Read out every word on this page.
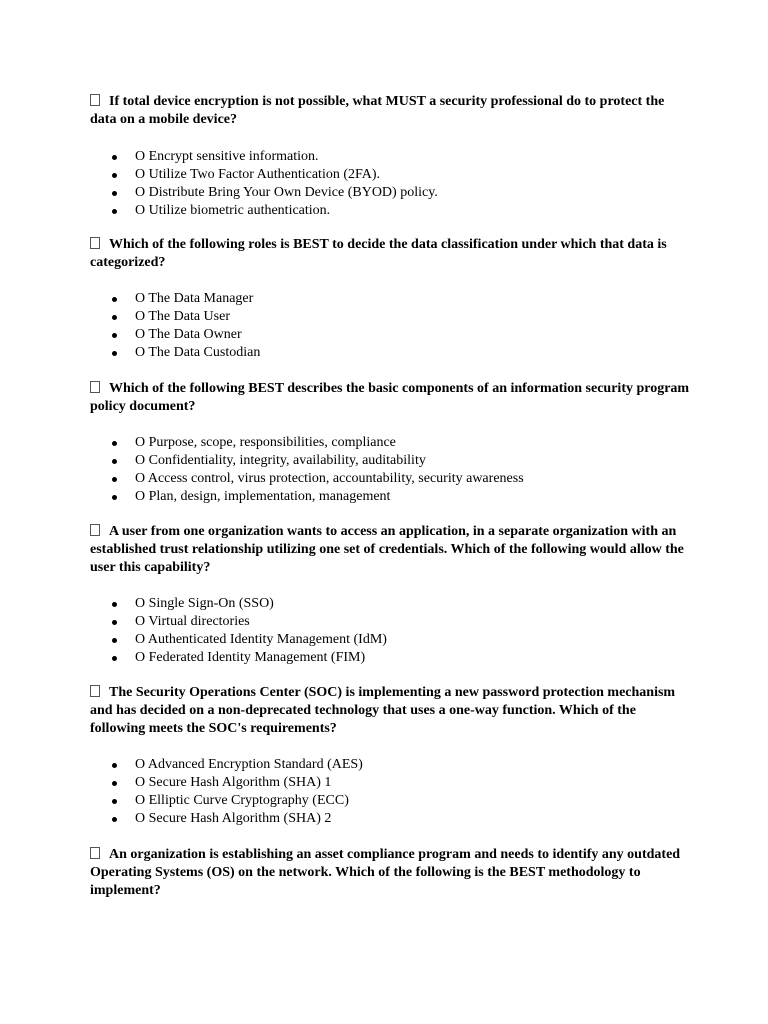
If total device encryption is not possible, what MUST a security professional do to protect the data on a mobile device?

O Encrypt sensitive information.
O Utilize Two Factor Authentication (2FA).
O Distribute Bring Your Own Device (BYOD) policy.
O Utilize biometric authentication.

Which of the following roles is BEST to decide the data classification under which that data is categorized?

O The Data Manager
O The Data User
O The Data Owner
O The Data Custodian

Which of the following BEST describes the basic components of an information security program policy document?

O Purpose, scope, responsibilities, compliance
O Confidentiality, integrity, availability, auditability
O Access control, virus protection, accountability, security awareness
O Plan, design, implementation, management

A user from one organization wants to access an application, in a separate organization with an established trust relationship utilizing one set of credentials. Which of the following would allow the user this capability?

O Single Sign-On (SSO)
O Virtual directories
O Authenticated Identity Management (IdM)
O Federated Identity Management (FIM)

The Security Operations Center (SOC) is implementing a new password protection mechanism and has decided on a non-deprecated technology that uses a one-way function. Which of the following meets the SOC's requirements?

O Advanced Encryption Standard (AES)
O Secure Hash Algorithm (SHA) 1
O Elliptic Curve Cryptography (ECC)
O Secure Hash Algorithm (SHA) 2

An organization is establishing an asset compliance program and needs to identify any outdated Operating Systems (OS) on the network. Which of the following is the BEST methodology to implement?
